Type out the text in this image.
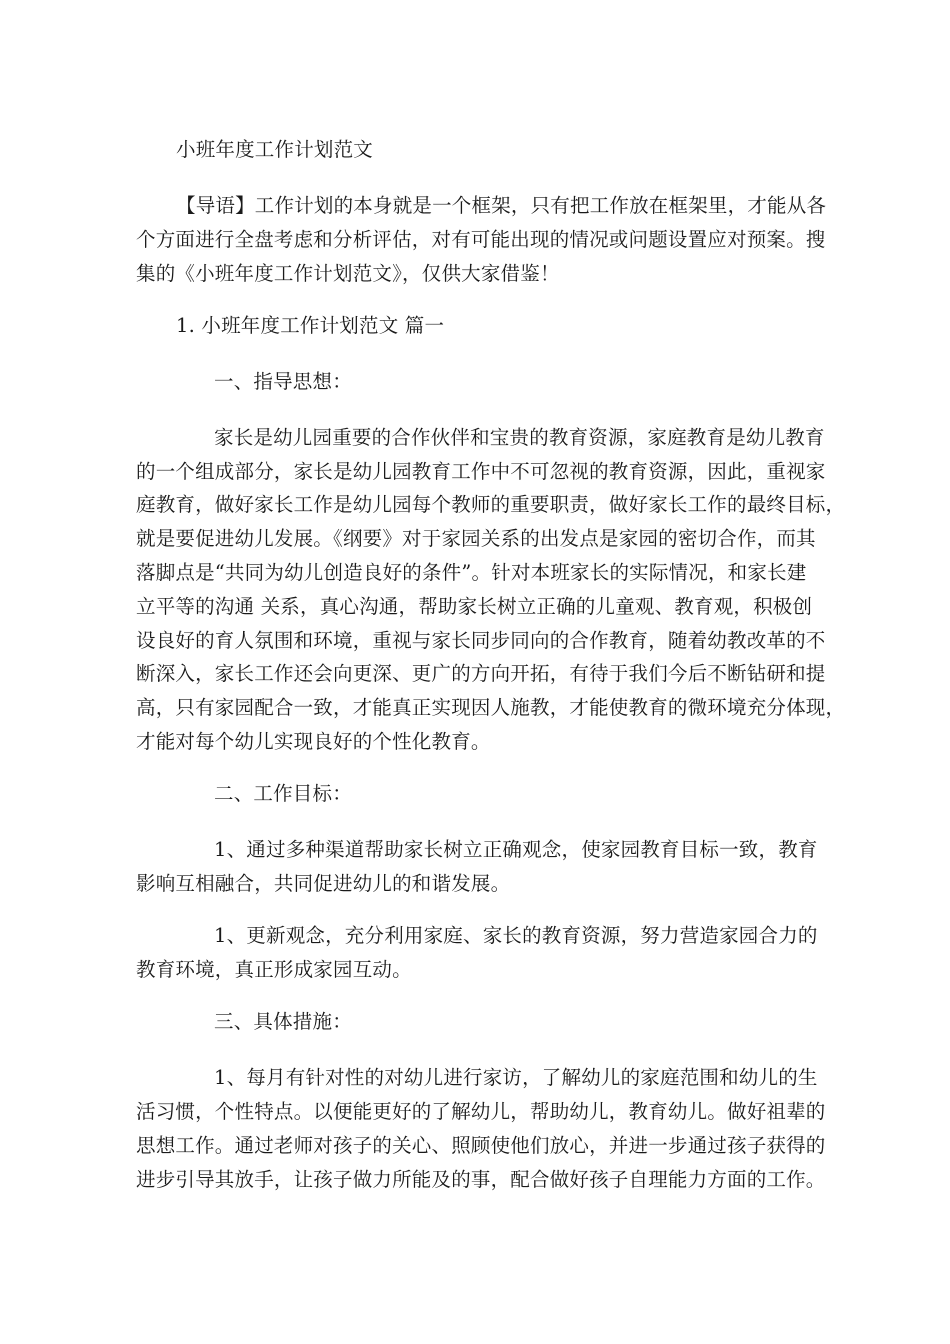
小班年度工作计划范文
【导语】工作计划的本身就是一个框架，只有把工作放在框架里，才能从各
个方面进行全盘考虑和分析评估，对有可能出现的情况或问题设置应对预案。搜
集的《小班年度工作计划范文》，仅供大家借鉴！
1. 小班年度工作计划范文 篇一
一、指导思想：
家长是幼儿园重要的合作伙伴和宝贵的教育资源，家庭教育是幼儿教育
的一个组成部分，家长是幼儿园教育工作中不可忽视的教育资源，因此，重视家
庭教育，做好家长工作是幼儿园每个教师的重要职责，做好家长工作的最终目标，
就是要促进幼儿发展。《纲要》对于家园关系的出发点是家园的密切合作，而其
落脚点是“共同为幼儿创造良好的条件”。针对本班家长的实际情况，和家长建
立平等的沟通 关系，真心沟通，帮助家长树立正确的儿童观、教育观，积极创
设良好的育人氛围和环境，重视与家长同步同向的合作教育，随着幼教改革的不
断深入，家长工作还会向更深、更广的方向开拓，有待于我们今后不断钻研和提
高，只有家园配合一致，才能真正实现因人施教，才能使教育的微环境充分体现，
才能对每个幼儿实现良好的个性化教育。
二、工作目标：
1、通过多种渠道帮助家长树立正确观念，使家园教育目标一致，教育
影响互相融合，共同促进幼儿的和谐发展。
1、更新观念，充分利用家庭、家长的教育资源，努力营造家园合力的
教育环境，真正形成家园互动。
三、具体措施：
1、每月有针对性的对幼儿进行家访，了解幼儿的家庭范围和幼儿的生
活习惯，个性特点。以便能更好的了解幼儿，帮助幼儿，教育幼儿。做好祖辈的
思想工作。通过老师对孩子的关心、照顾使他们放心，并进一步通过孩子获得的
进步引导其放手，让孩子做力所能及的事，配合做好孩子自理能力方面的工作。
